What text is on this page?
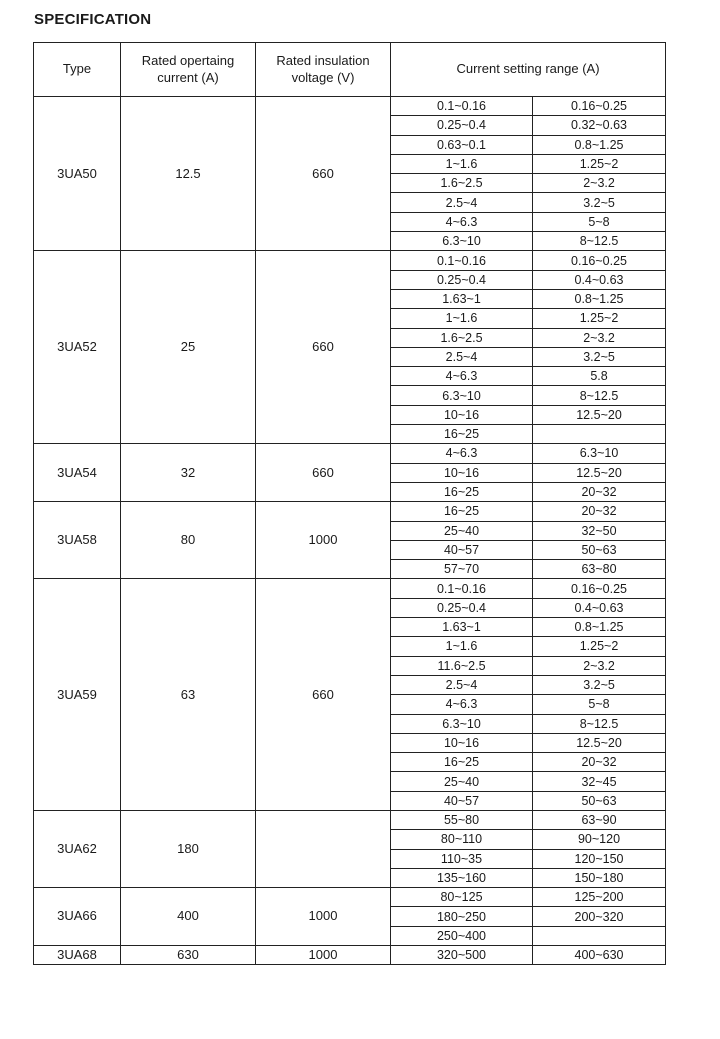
SPECIFICATION
Type	Rated opertaing current (A)	Rated insulation voltage (V)	Current setting range (A)	
3UA50	12.5	660	0.1~0.16	0.16~0.25
			0.25~0.4	0.32~0.63
			0.63~0.1	0.8~1.25
			1~1.6	1.25~2
			1.6~2.5	2~3.2
			2.5~4	3.2~5
			4~6.3	5~8
			6.3~10	8~12.5
3UA52	25	660	0.1~0.16	0.16~0.25
			0.25~0.4	0.4~0.63
			1.63~1	0.8~1.25
			1~1.6	1.25~2
			1.6~2.5	2~3.2
			2.5~4	3.2~5
			4~6.3	5.8
			6.3~10	8~12.5
			10~16	12.5~20
			16~25	
3UA54	32	660	4~6.3	6.3~10
			10~16	12.5~20
			16~25	20~32
3UA58	80	1000	16~25	20~32
			25~40	32~50
			40~57	50~63
			57~70	63~80
3UA59	63	660	0.1~0.16	0.16~0.25
			0.25~0.4	0.4~0.63
			1.63~1	0.8~1.25
			1~1.6	1.25~2
			11.6~2.5	2~3.2
			2.5~4	3.2~5
			4~6.3	5~8
			6.3~10	8~12.5
			10~16	12.5~20
			16~25	20~32
			25~40	32~45
			40~57	50~63
3UA62	180		55~80	63~90
			80~110	90~120
			110~35	120~150
			135~160	150~180
3UA66	400	1000	80~125	125~200
			180~250	200~320
			250~400	
3UA68	630	1000	320~500	400~630
